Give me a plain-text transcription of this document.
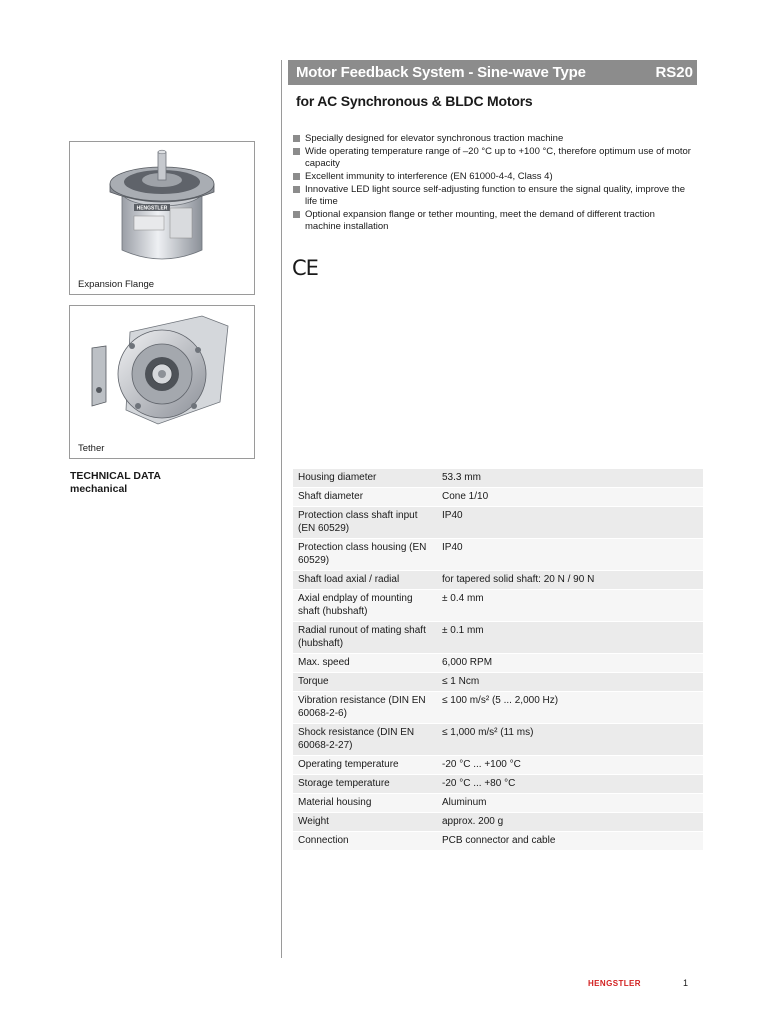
Motor Feedback System - Sine-wave Type	RS20
for AC Synchronous & BLDC Motors
Specially designed for elevator synchronous traction machine
Wide operating temperature range of –20 °C up to +100 °C, therefore optimum use of motor capacity
Excellent immunity to interference (EN 61000-4-4, Class 4)
Innovative LED light source self-adjusting function to ensure the signal quality, improve the life time
Optional expansion flange or tether mounting, meet the demand of different traction machine installation
CE
HENGSTLER
Expansion Flange
Tether
TECHNICAL DATA
mechanical
Housing diameter	53.3 mm
Shaft diameter	Cone 1/10
Protection class shaft input (EN 60529)	IP40
Protection class housing (EN 60529)	IP40
Shaft load axial / radial	for tapered solid shaft: 20 N / 90 N
Axial endplay of mounting shaft (hubshaft)	± 0.4 mm
Radial runout of mating shaft (hubshaft)	± 0.1 mm
Max. speed	6,000 RPM
Torque	≤ 1 Ncm
Vibration resistance (DIN EN 60068-2-6)	≤ 100 m/s² (5 ... 2,000 Hz)
Shock resistance (DIN EN 60068-2-27)	≤ 1,000 m/s² (11 ms)
Operating temperature	-20 °C ... +100 °C
Storage temperature	-20 °C ... +80 °C
Material housing	Aluminum
Weight	approx. 200 g
Connection	PCB connector and cable
HENGSTLER	1
